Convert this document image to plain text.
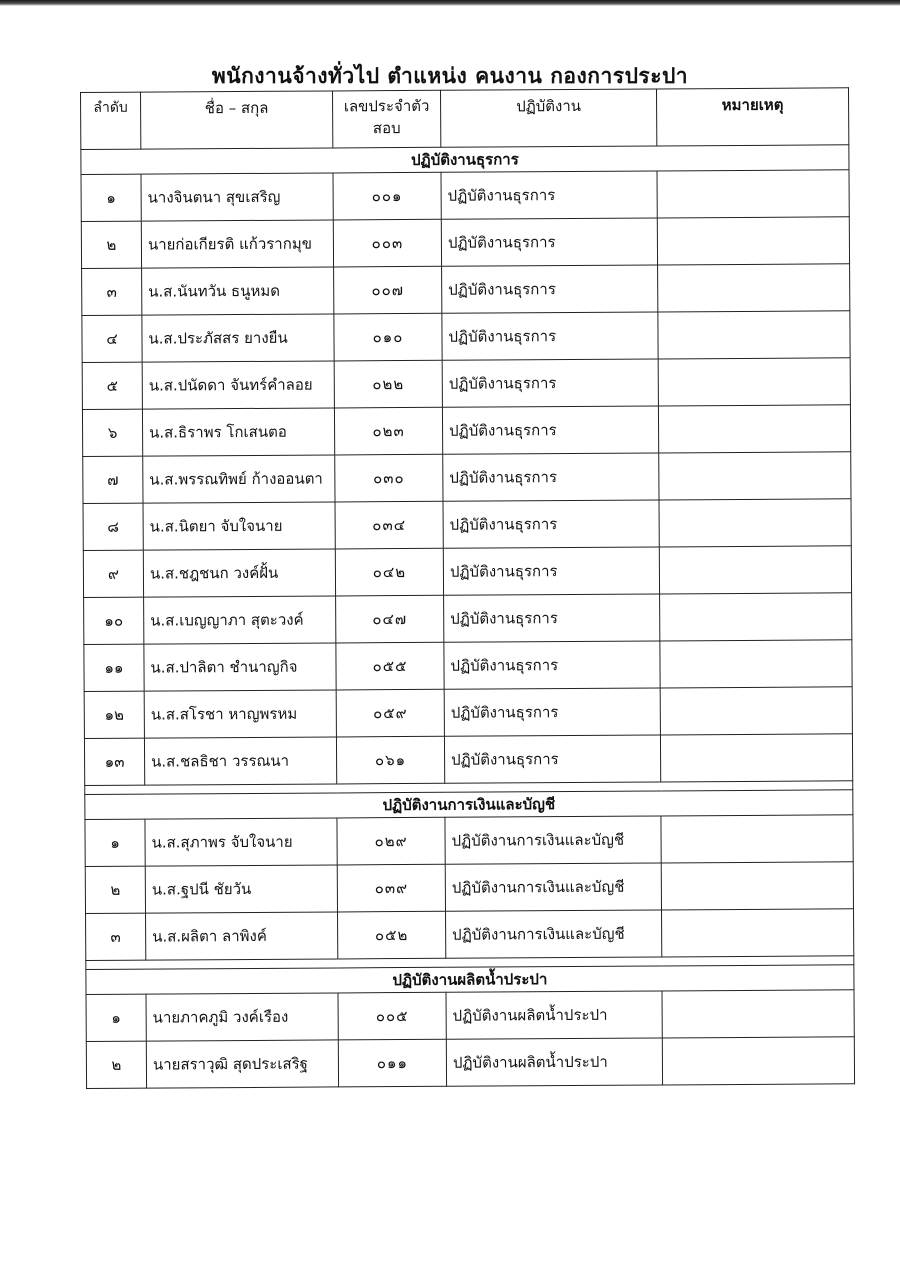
พนักงานจ้างทั่วไป ตำแหน่ง คนงาน กองการประปา
ลำดับ	ชื่อ – สกุล	เลขประจำตัวสอบ	ปฏิบัติงาน	หมายเหตุ
ปฏิบัติงานธุรการ				
๑	นางจินตนา สุขเสริญ	๐๐๑	ปฏิบัติงานธุรการ	
๒	นายก่อเกียรติ แก้วรากมุข	๐๐๓	ปฏิบัติงานธุรการ	
๓	น.ส.นันทวัน ธนูหมด	๐๐๗	ปฏิบัติงานธุรการ	
๔	น.ส.ประภัสสร ยางยืน	๐๑๐	ปฏิบัติงานธุรการ	
๕	น.ส.ปนัดดา จันทร์คำลอย	๐๒๒	ปฏิบัติงานธุรการ	
๖	น.ส.ธิราพร โกเสนตอ	๐๒๓	ปฏิบัติงานธุรการ	
๗	น.ส.พรรณทิพย์ ก้างออนตา	๐๓๐	ปฏิบัติงานธุรการ	
๘	น.ส.นิตยา จับใจนาย	๐๓๔	ปฏิบัติงานธุรการ	
๙	น.ส.ชฎชนก วงค์ฝั้น	๐๔๒	ปฏิบัติงานธุรการ	
๑๐	น.ส.เบญญาภา สุตะวงค์	๐๔๗	ปฏิบัติงานธุรการ	
๑๑	น.ส.ปาลิตา ชำนาญกิจ	๐๕๕	ปฏิบัติงานธุรการ	
๑๒	น.ส.สโรชา หาญพรหม	๐๕๙	ปฏิบัติงานธุรการ	
๑๓	น.ส.ชลธิชา วรรณนา	๐๖๑	ปฏิบัติงานธุรการ	

ปฏิบัติงานการเงินและบัญชี				
๑	น.ส.สุภาพร จับใจนาย	๐๒๙	ปฏิบัติงานการเงินและบัญชี	
๒	น.ส.ฐปนี ชัยวัน	๐๓๙	ปฏิบัติงานการเงินและบัญชี	
๓	น.ส.ผลิตา ลาพิงค์	๐๕๒	ปฏิบัติงานการเงินและบัญชี	

ปฏิบัติงานผลิตน้ำประปา				
๑	นายภาคภูมิ วงค์เรือง	๐๐๕	ปฏิบัติงานผลิตน้ำประปา	
๒	นายสราวุฒิ สุดประเสริฐ	๐๑๑	ปฏิบัติงานผลิตน้ำประปา	
